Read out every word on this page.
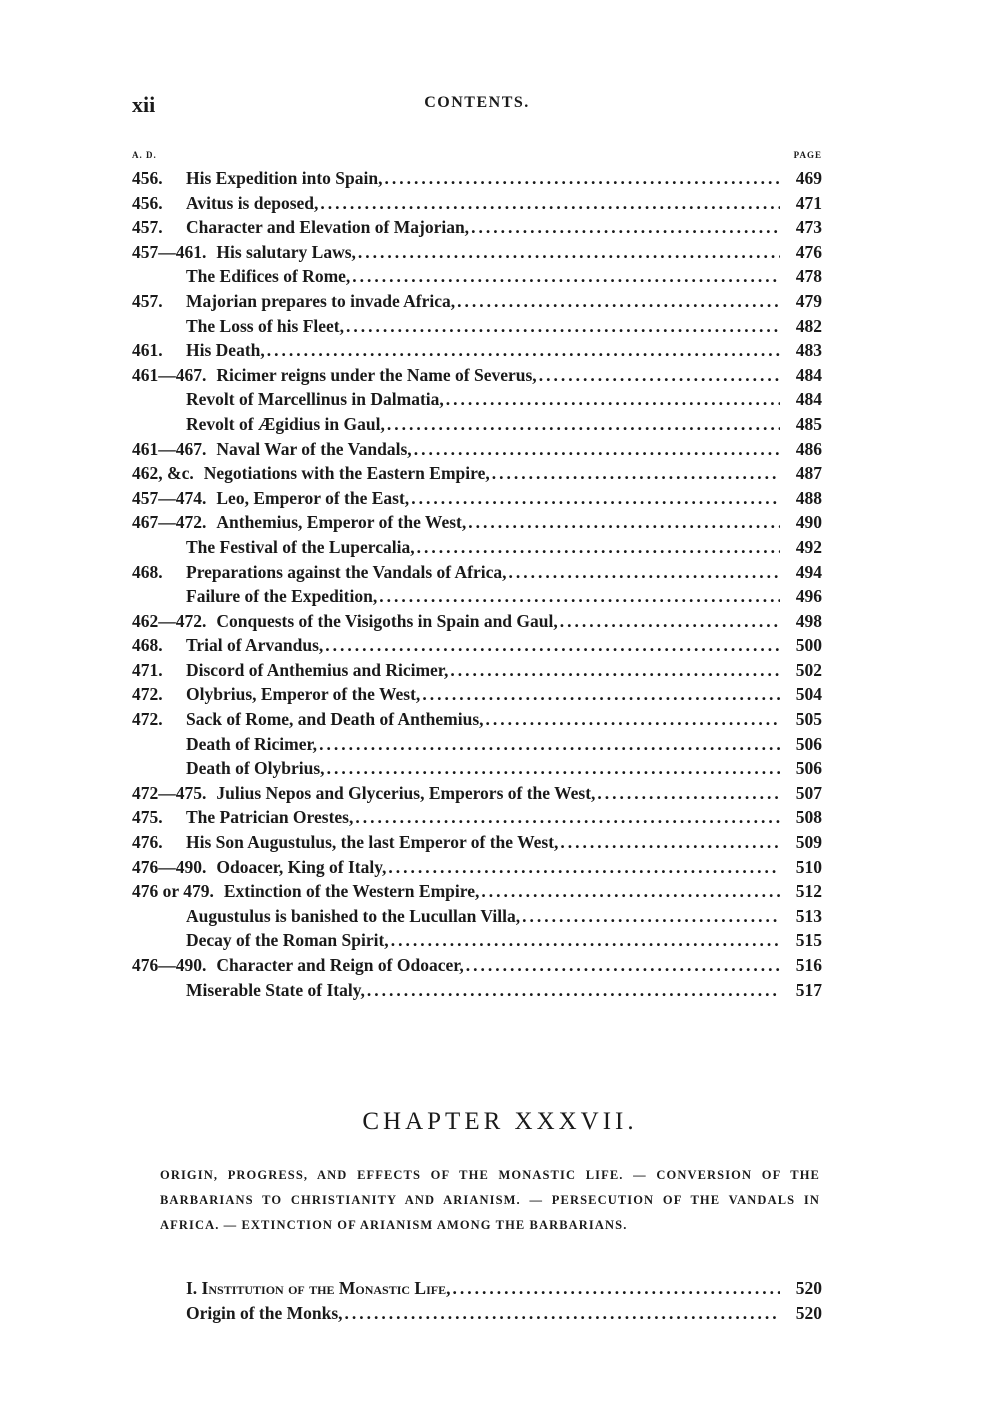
xii	CONTENTS.
A. D.	PAGE
456.	His Expedition into Spain, .....	469
456.	Avitus is deposed, .....	471
457.	Character and Elevation of Majorian, .....	473
457—461. His salutary Laws, .....	476
The Edifices of Rome, .....	478
457.	Majorian prepares to invade Africa, .....	479
The Loss of his Fleet, .....	482
461.	His Death, .....	483
461—467. Ricimer reigns under the Name of Severus, .....	484
Revolt of Marcellinus in Dalmatia, .....	484
Revolt of Ægidius in Gaul, .....	485
461—467. Naval War of the Vandals, .....	486
462, &c. Negotiations with the Eastern Empire, .....	487
457—474. Leo, Emperor of the East, .....	488
467—472. Anthemius, Emperor of the West, .....	490
The Festival of the Lupercalia, .....	492
468.	Preparations against the Vandals of Africa, .....	494
Failure of the Expedition, .....	496
462—472. Conquests of the Visigoths in Spain and Gaul, .....	498
468.	Trial of Arvandus, .....	500
471.	Discord of Anthemius and Ricimer, .....	502
472.	Olybrius, Emperor of the West, .....	504
472.	Sack of Rome, and Death of Anthemius, .....	505
Death of Ricimer, .....	506
Death of Olybrius, .....	506
472—475. Julius Nepos and Glycerius, Emperors of the West, .....	507
475.	The Patrician Orestes, .....	508
476.	His Son Augustulus, the last Emperor of the West, .....	509
476—490. Odoacer, King of Italy, .....	510
476 or 479. Extinction of the Western Empire, .....	512
Augustulus is banished to the Lucullan Villa, .....	513
Decay of the Roman Spirit, .....	515
476—490. Character and Reign of Odoacer, .....	516
Miserable State of Italy, .....	517
CHAPTER XXXVII.
ORIGIN, PROGRESS, AND EFFECTS OF THE MONASTIC LIFE. — CONVERSION OF THE BARBARIANS TO CHRISTIANITY AND ARIANISM. — PERSECUTION OF THE VANDALS IN AFRICA. — EXTINCTION OF ARIANISM AMONG THE BARBARIANS.
I. Institution of the Monastic Life, .....	520
Origin of the Monks, .....	520
